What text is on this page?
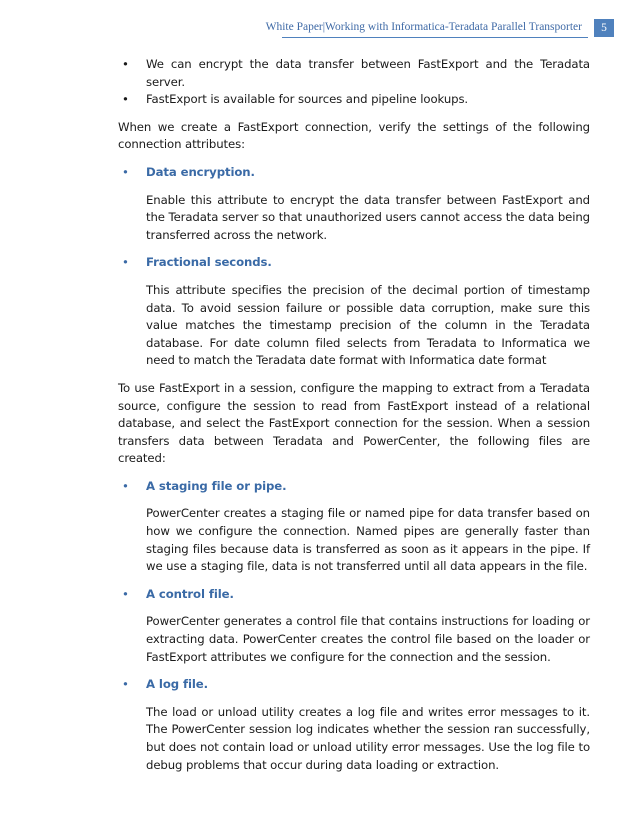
White Paper|Working with Informatica-Teradata Parallel Transporter	5
• We can encrypt the data transfer between FastExport and the Teradata server.
• FastExport is available for sources and pipeline lookups.

When we create a FastExport connection, verify the settings of the following connection attributes:

• Data encryption.

Enable this attribute to encrypt the data transfer between FastExport and the Teradata server so that unauthorized users cannot access the data being transferred across the network.

• Fractional seconds.

This attribute specifies the precision of the decimal portion of timestamp data. To avoid session failure or possible data corruption, make sure this value matches the timestamp precision of the column in the Teradata database. For date column filed selects from Teradata to Informatica we need to match the Teradata date format with Informatica date format

To use FastExport in a session, configure the mapping to extract from a Teradata source, configure the session to read from FastExport instead of a relational database, and select the FastExport connection for the session. When a session transfers data between Teradata and PowerCenter, the following files are created:

• A staging file or pipe.

PowerCenter creates a staging file or named pipe for data transfer based on how we configure the connection. Named pipes are generally faster than staging files because data is transferred as soon as it appears in the pipe. If we use a staging file, data is not transferred until all data appears in the file.

• A control file.

PowerCenter generates a control file that contains instructions for loading or extracting data. PowerCenter creates the control file based on the loader or FastExport attributes we configure for the connection and the session.

• A log file.

The load or unload utility creates a log file and writes error messages to it. The PowerCenter session log indicates whether the session ran successfully, but does not contain load or unload utility error messages. Use the log file to debug problems that occur during data loading or extraction.
